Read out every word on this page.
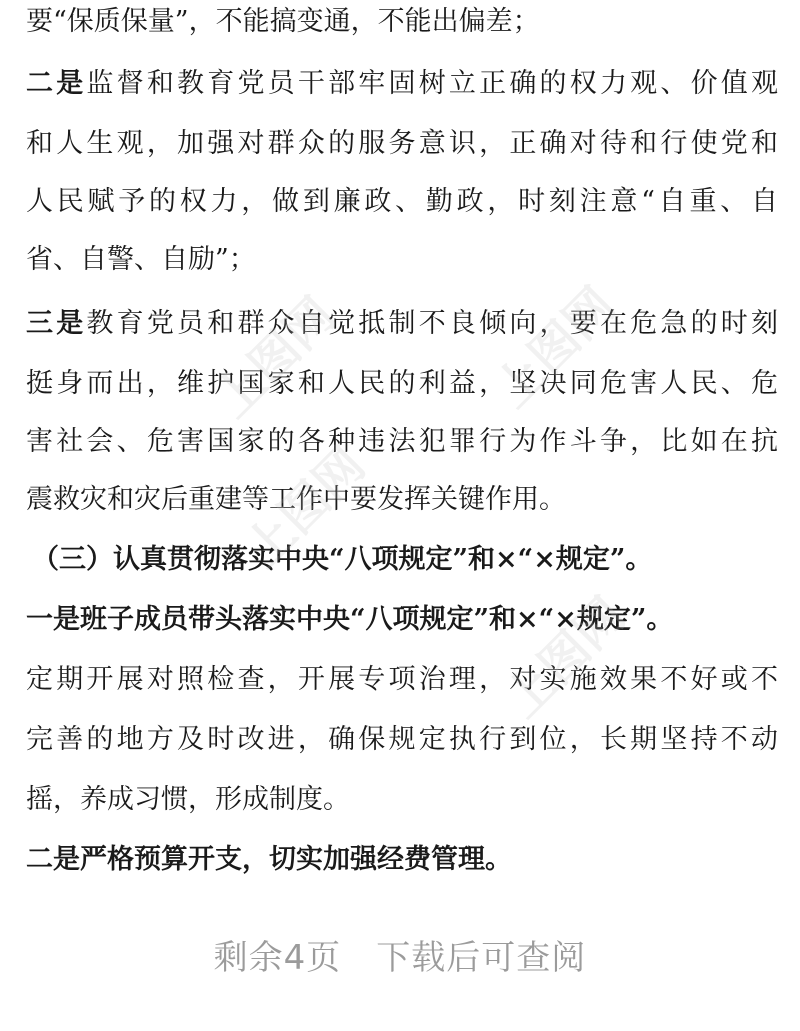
要“保质保量”，不能搞变通，不能出偏差；
二是监督和教育党员干部牢固树立正确的权力观、价值观
和人生观，加强对群众的服务意识，正确对待和行使党和
人民赋予的权力，做到廉政、勤政，时刻注意“自重、自
省、自警、自励”；
三是教育党员和群众自觉抵制不良倾向，要在危急的时刻
挺身而出，维护国家和人民的利益，坚决同危害人民、危
害社会、危害国家的各种违法犯罪行为作斗争，比如在抗
震救灾和灾后重建等工作中要发挥关键作用。
（三）认真贯彻落实中央“八项规定”和×“×规定”。
一是班子成员带头落实中央“八项规定”和×“×规定”。
定期开展对照检查，开展专项治理，对实施效果不好或不
完善的地方及时改进，确保规定执行到位，长期坚持不动
摇，养成习惯，形成制度。
二是严格预算开支，切实加强经费管理。
上图网	上图网
上图网
上图网
剩余4页　下载后可查阅
